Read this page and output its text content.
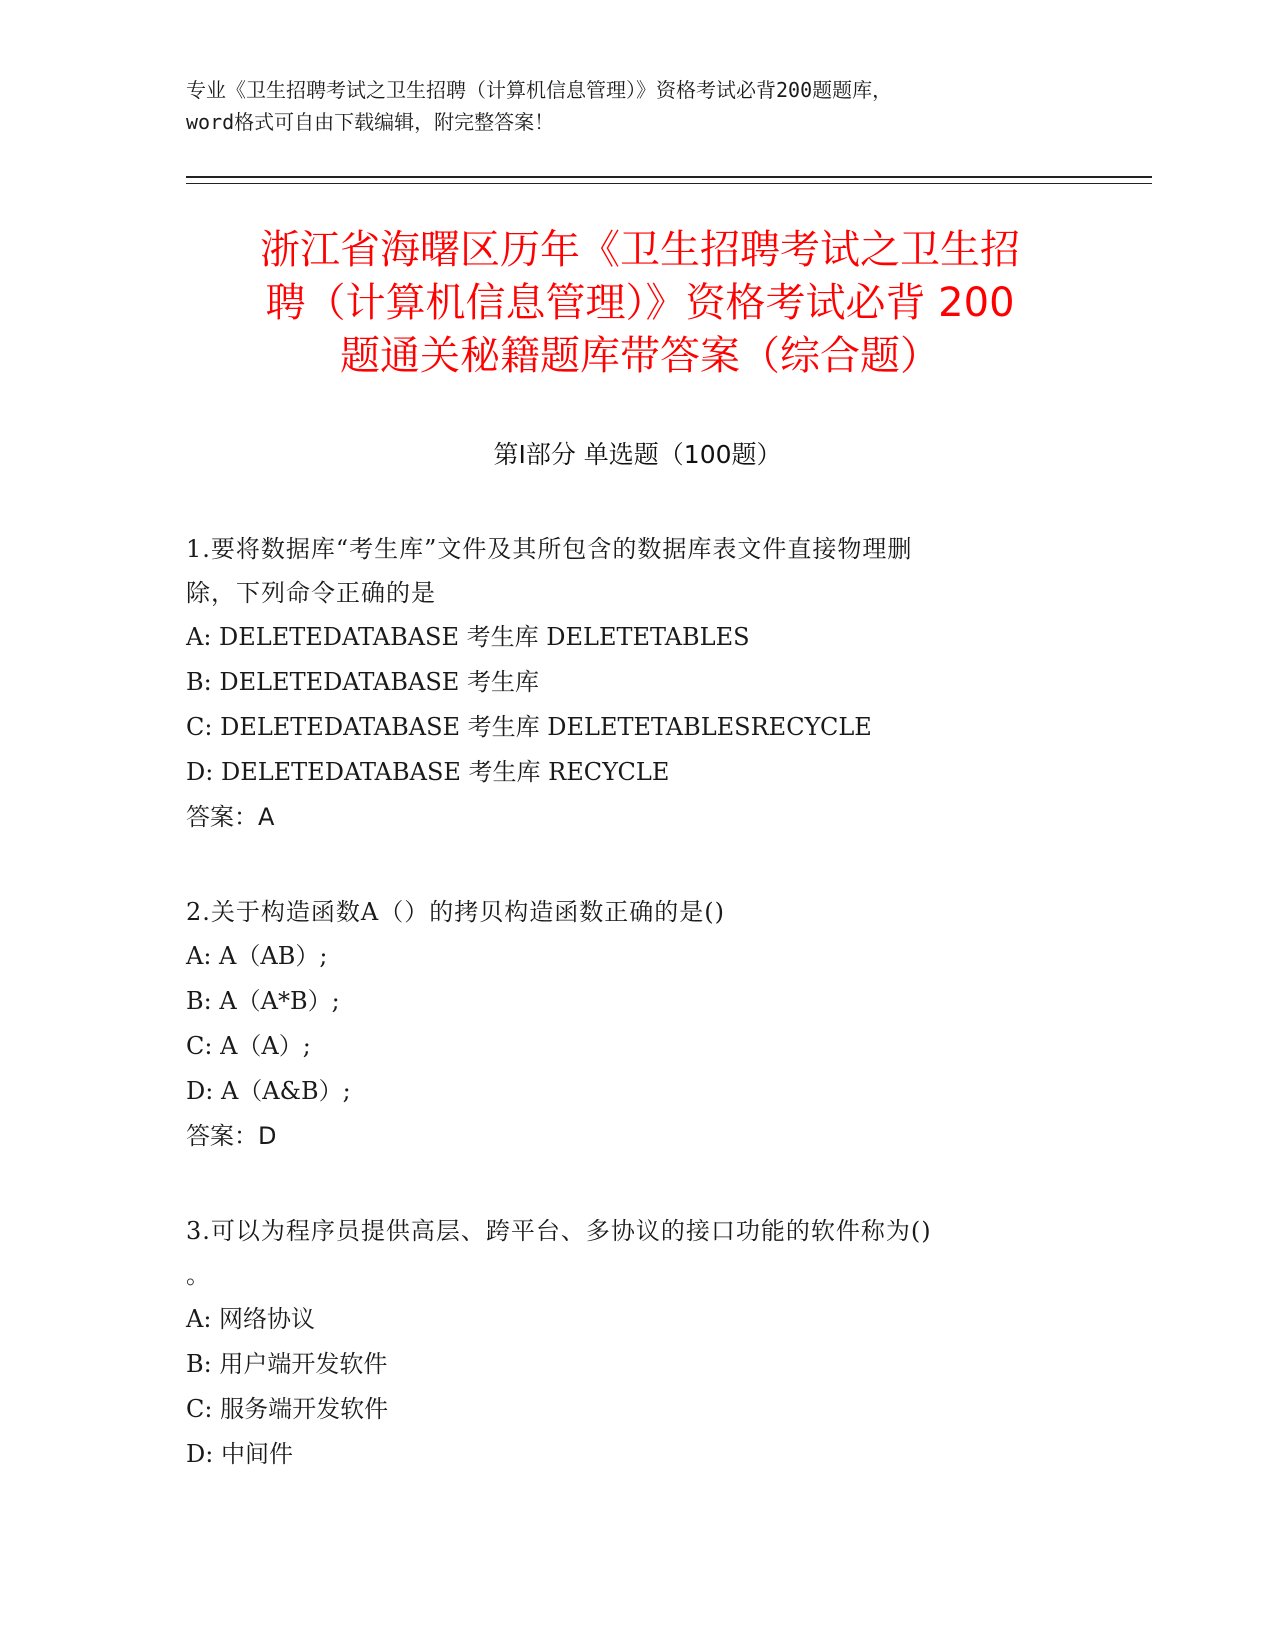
专业《卫生招聘考试之卫生招聘（计算机信息管理）》资格考试必背200题题库，
word格式可自由下载编辑，附完整答案！
浙江省海曙区历年《卫生招聘考试之卫生招
聘（计算机信息管理）》资格考试必背 200
题通关秘籍题库带答案（综合题）
第Ⅰ部分 单选题（100题）
1.要将数据库“考生库”文件及其所包含的数据库表文件直接物理删
除，下列命令正确的是
A: DELETEDATABASE 考生库 DELETETABLES
B: DELETEDATABASE 考生库
C: DELETEDATABASE 考生库 DELETETABLESRECYCLE
D: DELETEDATABASE 考生库 RECYCLE
答案：A
2.关于构造函数A（）的拷贝构造函数正确的是()
A: A（AB）;
B: A（A*B）;
C: A（A）;
D: A（A&B）;
答案：D
3.可以为程序员提供高层、跨平台、多协议的接口功能的软件称为()
。
A: 网络协议
B: 用户端开发软件
C: 服务端开发软件
D: 中间件
